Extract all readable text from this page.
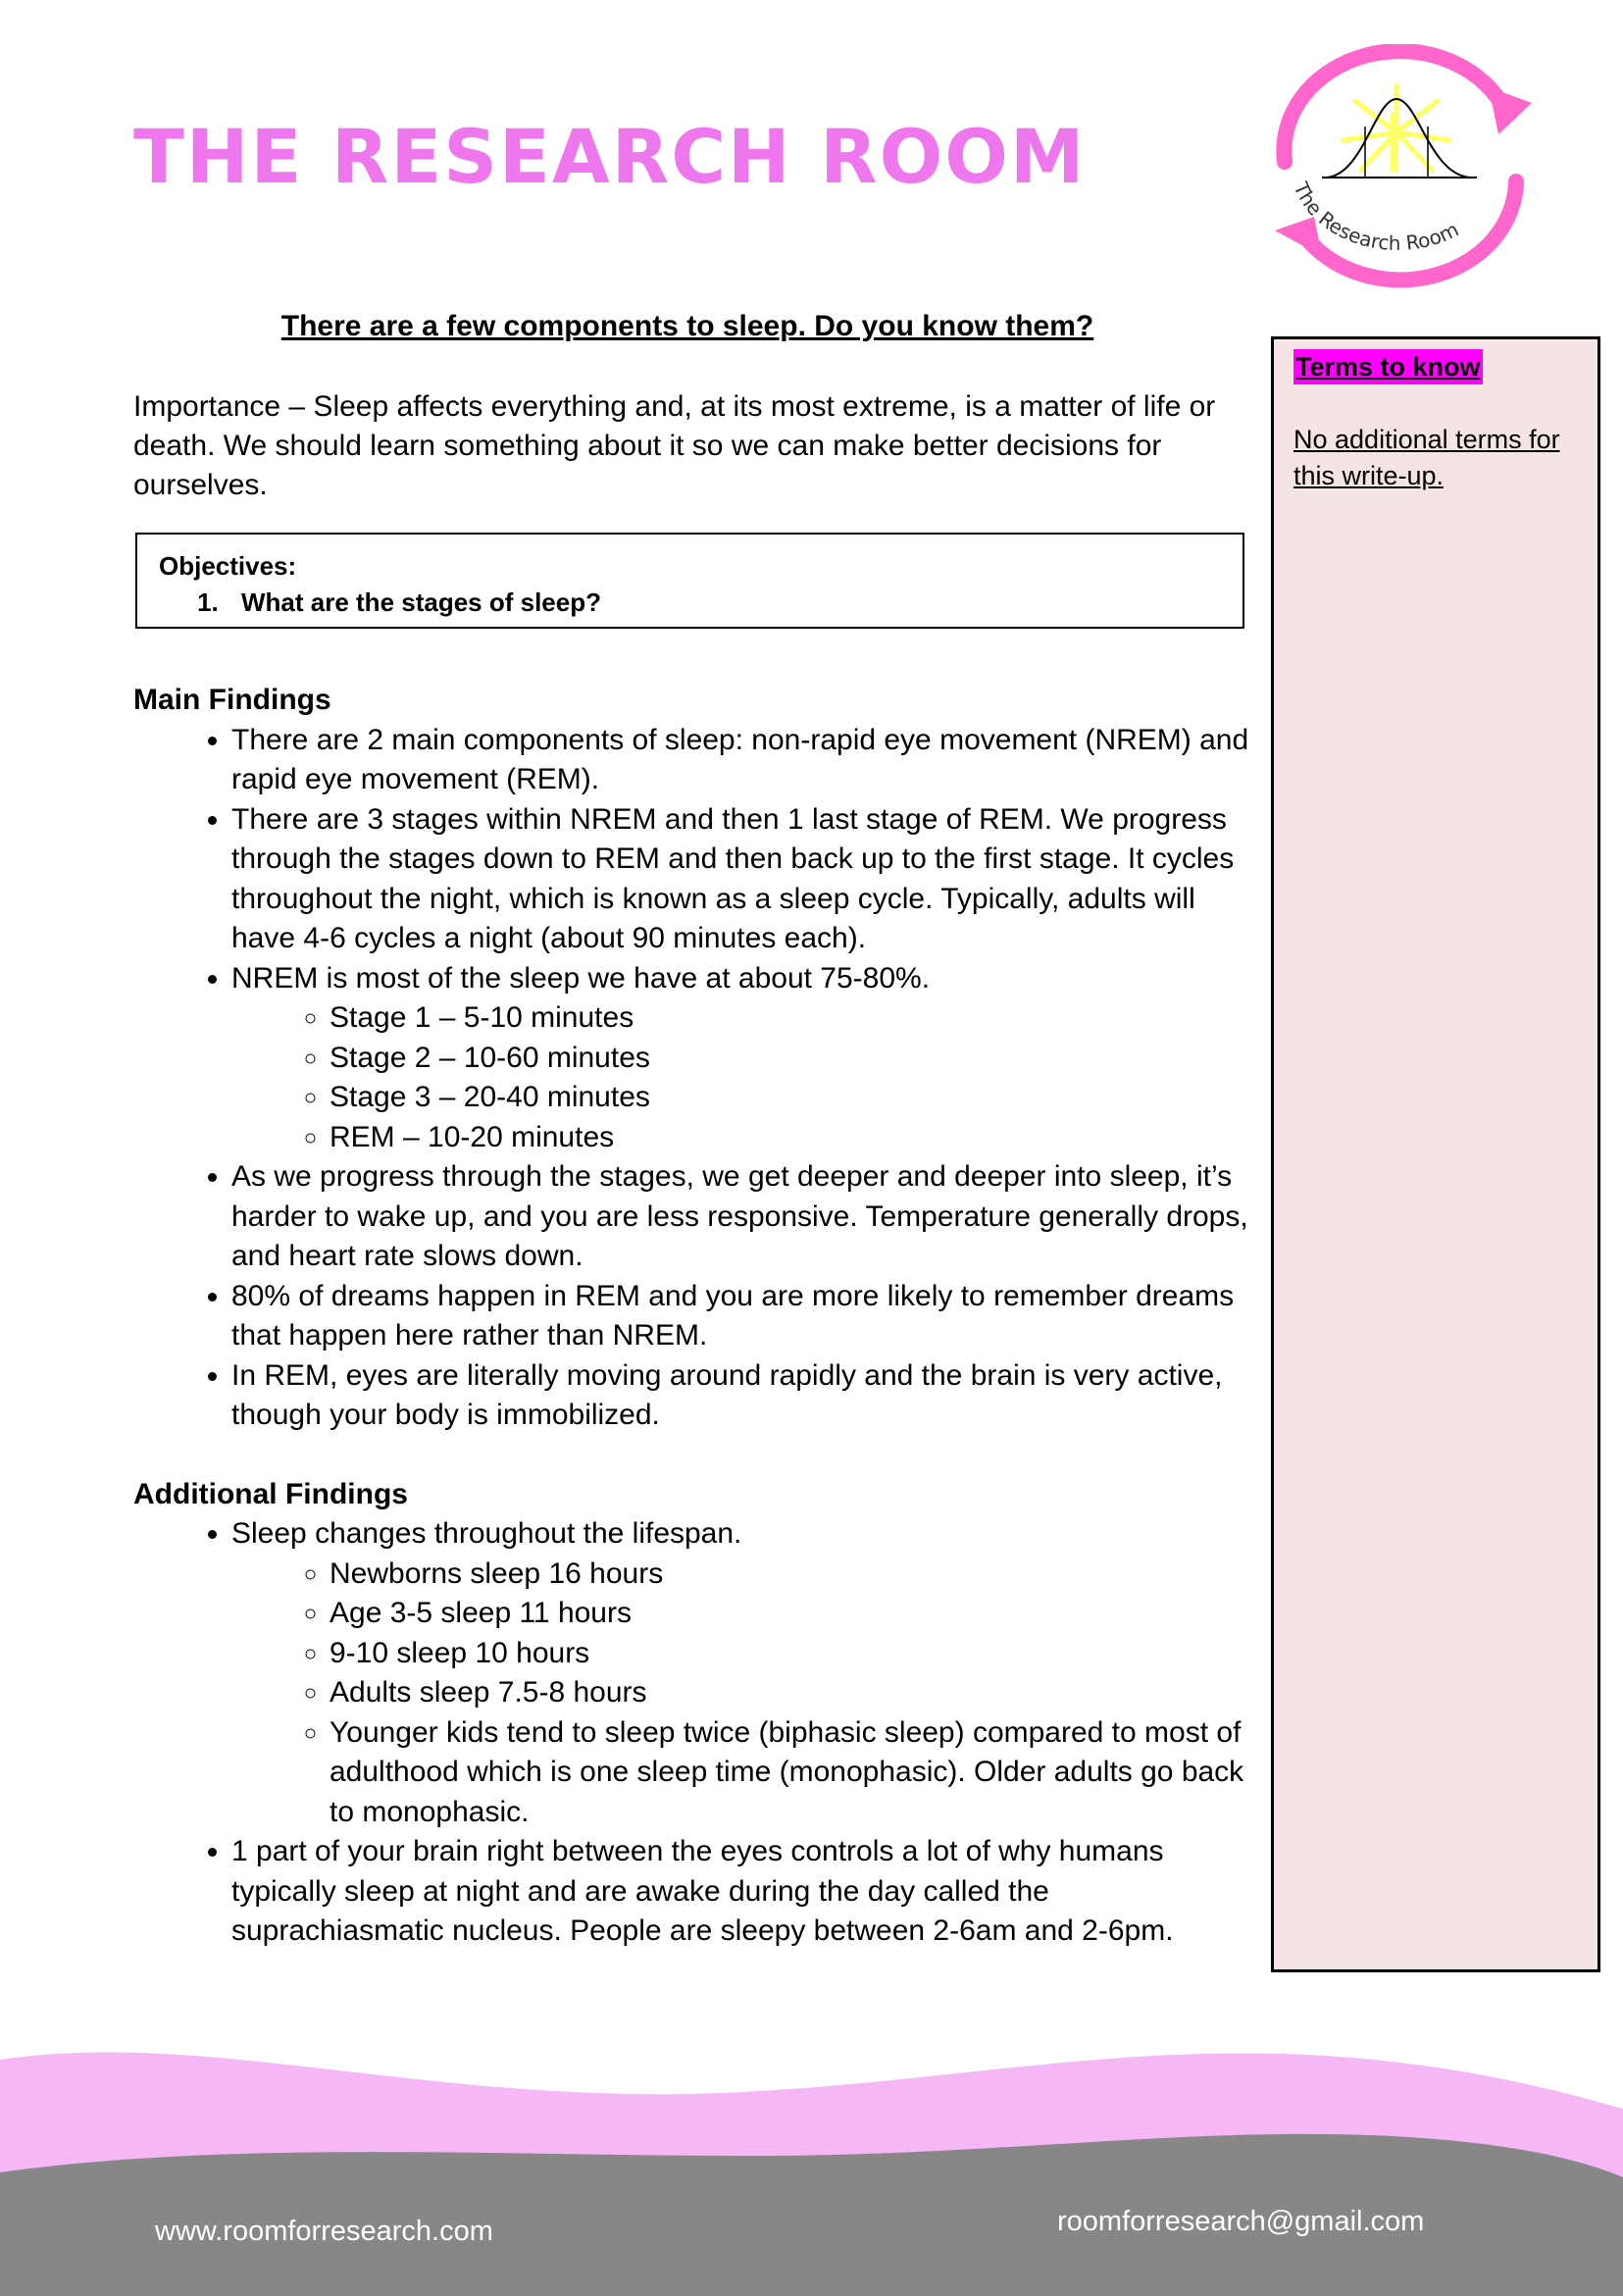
THE RESEARCH ROOM	The Research Room
There are a few components to sleep. Do you know them?

Importance – Sleep affects everything and, at its most extreme, is a matter of life or death. We should learn something about it so we can make better decisions for ourselves.

Objectives:
1. What are the stages of sleep?
Main Findings
• There are 2 main components of sleep: non-rapid eye movement (NREM) and rapid eye movement (REM).
• There are 3 stages within NREM and then 1 last stage of REM. We progress through the stages down to REM and then back up to the first stage. It cycles throughout the night, which is known as a sleep cycle. Typically, adults will have 4-6 cycles a night (about 90 minutes each).
• NREM is most of the sleep we have at about 75-80%.
◦ Stage 1 – 5-10 minutes
◦ Stage 2 – 10-60 minutes
◦ Stage 3 – 20-40 minutes
◦ REM – 10-20 minutes
• As we progress through the stages, we get deeper and deeper into sleep, it’s harder to wake up, and you are less responsive. Temperature generally drops, and heart rate slows down.
• 80% of dreams happen in REM and you are more likely to remember dreams that happen here rather than NREM.
• In REM, eyes are literally moving around rapidly and the brain is very active, though your body is immobilized.
Additional Findings
• Sleep changes throughout the lifespan.
◦ Newborns sleep 16 hours
◦ Age 3-5 sleep 11 hours
◦ 9-10 sleep 10 hours
◦ Adults sleep 7.5-8 hours
◦ Younger kids tend to sleep twice (biphasic sleep) compared to most of adulthood which is one sleep time (monophasic). Older adults go back to monophasic.
• 1 part of your brain right between the eyes controls a lot of why humans typically sleep at night and are awake during the day called the suprachiasmatic nucleus. People are sleepy between 2-6am and 2-6pm.
Terms to know
No additional terms for this write-up.
www.roomforresearch.com	roomforresearch@gmail.com
